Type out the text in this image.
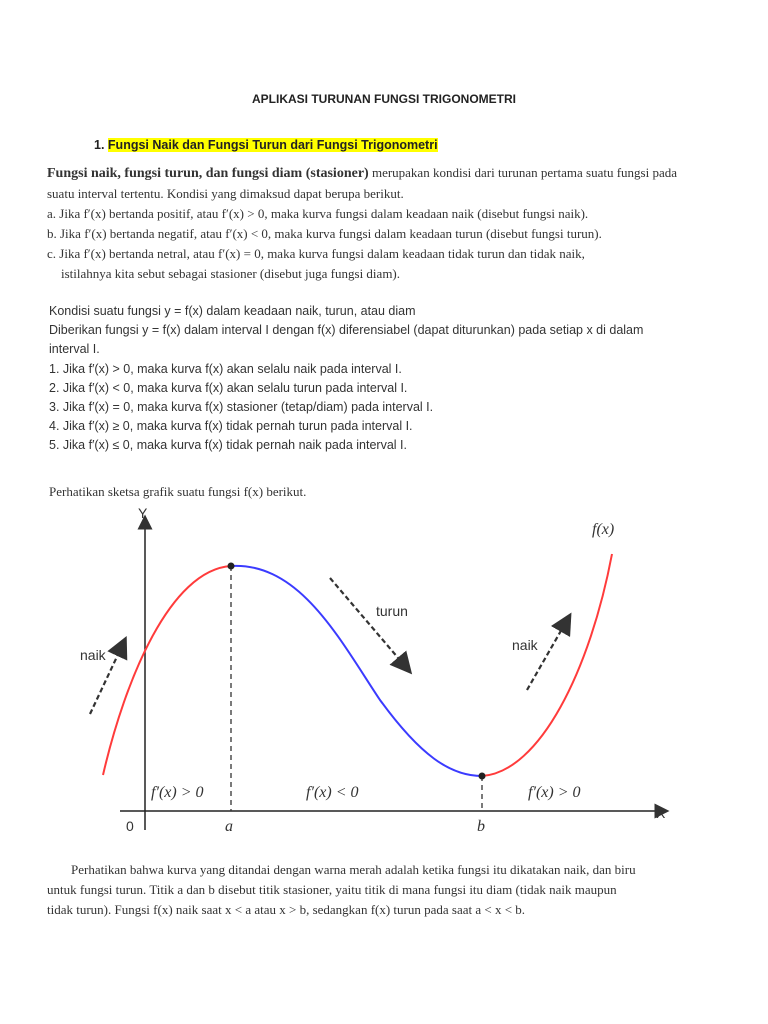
APLIKASI TURUNAN FUNGSI TRIGONOMETRI
1. Fungsi Naik dan Fungsi Turun dari Fungsi Trigonometri
Fungsi naik, fungsi turun, dan fungsi diam (stasioner) merupakan kondisi dari turunan pertama suatu fungsi pada suatu interval tertentu. Kondisi yang dimaksud dapat berupa berikut.
a. Jika f′(x) bertanda positif, atau f′(x) > 0, maka kurva fungsi dalam keadaan naik (disebut fungsi naik).
b. Jika f′(x) bertanda negatif, atau f′(x) < 0, maka kurva fungsi dalam keadaan turun (disebut fungsi turun).
c. Jika f′(x) bertanda netral, atau f′(x) = 0, maka kurva fungsi dalam keadaan tidak turun dan tidak naik,
istilahnya kita sebut sebagai stasioner (disebut juga fungsi diam).
Kondisi suatu fungsi y = f(x) dalam keadaan naik, turun, atau diam
Diberikan fungsi y = f(x) dalam interval I dengan f(x) diferensiabel (dapat diturunkan) pada setiap x di dalam
interval I.
1. Jika f′(x) > 0, maka kurva f(x) akan selalu naik pada interval I.
2. Jika f′(x) < 0, maka kurva f(x) akan selalu turun pada interval I.
3. Jika f′(x) = 0, maka kurva f(x) stasioner (tetap/diam) pada interval I.
4. Jika f′(x) ≥ 0, maka kurva f(x) tidak pernah turun pada interval I.
5. Jika f′(x) ≤ 0, maka kurva f(x) tidak pernah naik pada interval I.
Perhatikan sketsa grafik suatu fungsi f(x) berikut.
Y
X
0	a	b
f(x)
naik
turun
naik
f′(x) > 0	f′(x) < 0	f′(x) > 0
Perhatikan bahwa kurva yang ditandai dengan warna merah adalah ketika fungsi itu dikatakan naik, dan biru
untuk fungsi turun. Titik a dan b disebut titik stasioner, yaitu titik di mana fungsi itu diam (tidak naik maupun
tidak turun). Fungsi f(x) naik saat x < a atau x > b, sedangkan f(x) turun pada saat a < x < b.
